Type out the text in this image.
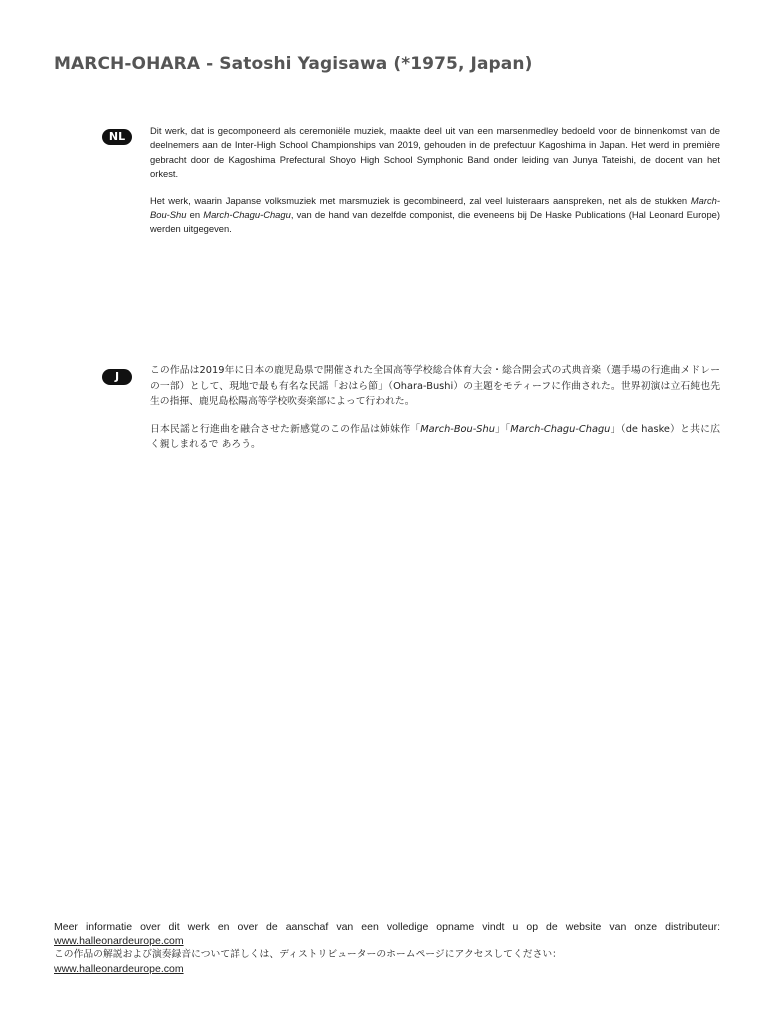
MARCH-OHARA - Satoshi Yagisawa (*1975, Japan)
NL	Dit werk, dat is gecomponeerd als ceremoniële muziek, maakte deel uit van een marsenmedley bedoeld voor de binnenkomst van de deelnemers aan de Inter-High School Championships van 2019, gehouden in de prefectuur Kagoshima in Japan. Het werd in première gebracht door de Kagoshima Prefectural Shoyo High School Symphonic Band onder leiding van Junya Tateishi, de docent van het orkest.

Het werk, waarin Japanse volksmuziek met marsmuziek is gecombineerd, zal veel luisteraars aanspreken, net als de stukken March-Bou-Shu en March-Chagu-Chagu, van de hand van dezelfde componist, die eveneens bij De Haske Publications (Hal Leonard Europe) werden uitgegeven.

J	この作品は2019年に日本の鹿児島県で開催された全国高等学校総合体育大会・総合開会式の式典音楽（選手場の行進曲メドレーの一部）として、現地で最も有名な民謡「おはら節」（Ohara-Bushi）の主題をモティーフに作曲された。世界初演は立石純也先生の指揮、鹿児島松陽高等学校吹奏楽部によって行われた。

日本民謡と行進曲を融合させた新感覚のこの作品は姉妹作「March-Bou-Shu」「March-Chagu-Chagu」（de haske）と共に広く親しまれるで あろう。

Meer informatie over dit werk en over de aanschaf van een volledige opname vindt u op de website van onze distributeur:
www.halleonardeurope.com
この作品の解説および演奏録音について詳しくは、ディストリビューターのホームページにアクセスしてください：
www.halleonardeurope.com
